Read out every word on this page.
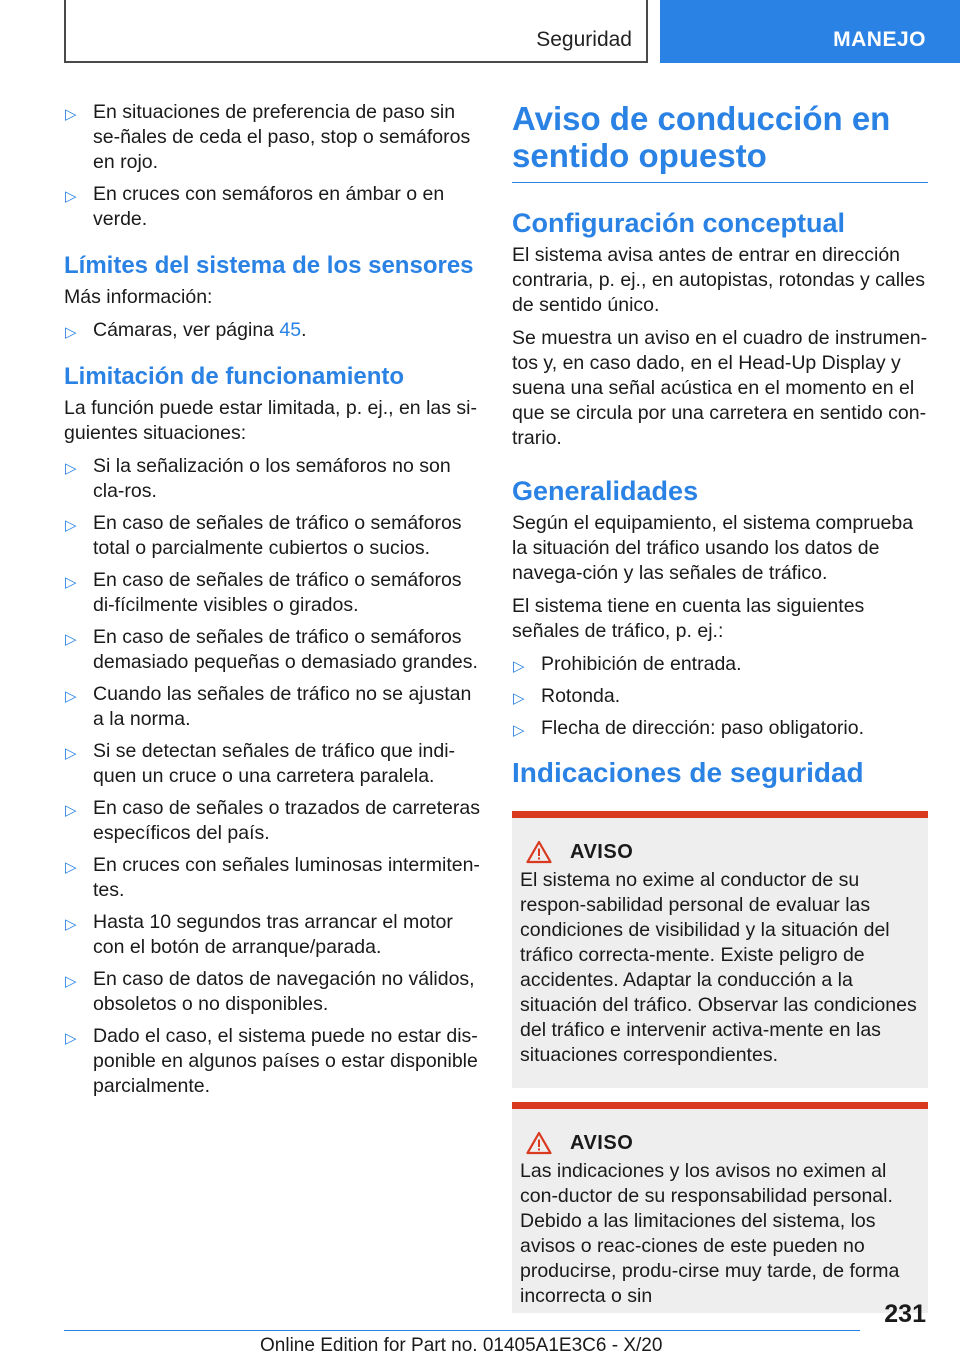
Seguridad	MANEJO
▷ En situaciones de preferencia de paso sin se-ñales de ceda el paso, stop o semáforos en rojo.
▷ En cruces con semáforos en ámbar o en verde.
Límites del sistema de los sensores

Más información:

▷ Cámaras, ver página 45.
Limitación de funcionamiento

La función puede estar limitada, p. ej., en las si-guientes situaciones:

▷ Si la señalización o los semáforos no son cla-ros.
▷ En caso de señales de tráfico o semáforos total o parcialmente cubiertos o sucios.
▷ En caso de señales de tráfico o semáforos di-fícilmente visibles o girados.
▷ En caso de señales de tráfico o semáforos demasiado pequeñas o demasiado grandes.
▷ Cuando las señales de tráfico no se ajustan a la norma.
▷ Si se detectan señales de tráfico que indi-quen un cruce o una carretera paralela.
▷ En caso de señales o trazados de carreteras específicos del país.
▷ En cruces con señales luminosas intermiten-tes.
▷ Hasta 10 segundos tras arrancar el motor con el botón de arranque/parada.
▷ En caso de datos de navegación no válidos, obsoletos o no disponibles.
▷ Dado el caso, el sistema puede no estar dis-ponible en algunos países o estar disponible parcialmente.
Aviso de conducción en sentido opuesto
Configuración conceptual

El sistema avisa antes de entrar en dirección contraria, p. ej., en autopistas, rotondas y calles de sentido único.

Se muestra un aviso en el cuadro de instrumen-tos y, en caso dado, en el Head-Up Display y suena una señal acústica en el momento en el que se circula por una carretera en sentido con-trario.

Generalidades

Según el equipamiento, el sistema comprueba la situación del tráfico usando los datos de navega-ción y las señales de tráfico.

El sistema tiene en cuenta las siguientes señales de tráfico, p. ej.:

▷ Prohibición de entrada.
▷ Rotonda.
▷ Flecha de dirección: paso obligatorio.
Indicaciones de seguridad
AVISO

El sistema no exime al conductor de su respon-sabilidad personal de evaluar las condiciones de visibilidad y la situación del tráfico correcta-mente. Existe peligro de accidentes. Adaptar la conducción a la situación del tráfico. Observar las condiciones del tráfico e intervenir activa-mente en las situaciones correspondientes.

AVISO

Las indicaciones y los avisos no eximen al con-ductor de su responsabilidad personal. Debido a las limitaciones del sistema, los avisos o reac-ciones de este pueden no producirse, produ-cirse muy tarde, de forma incorrecta o sin

231
Online Edition for Part no. 01405A1E3C6 - X/20
